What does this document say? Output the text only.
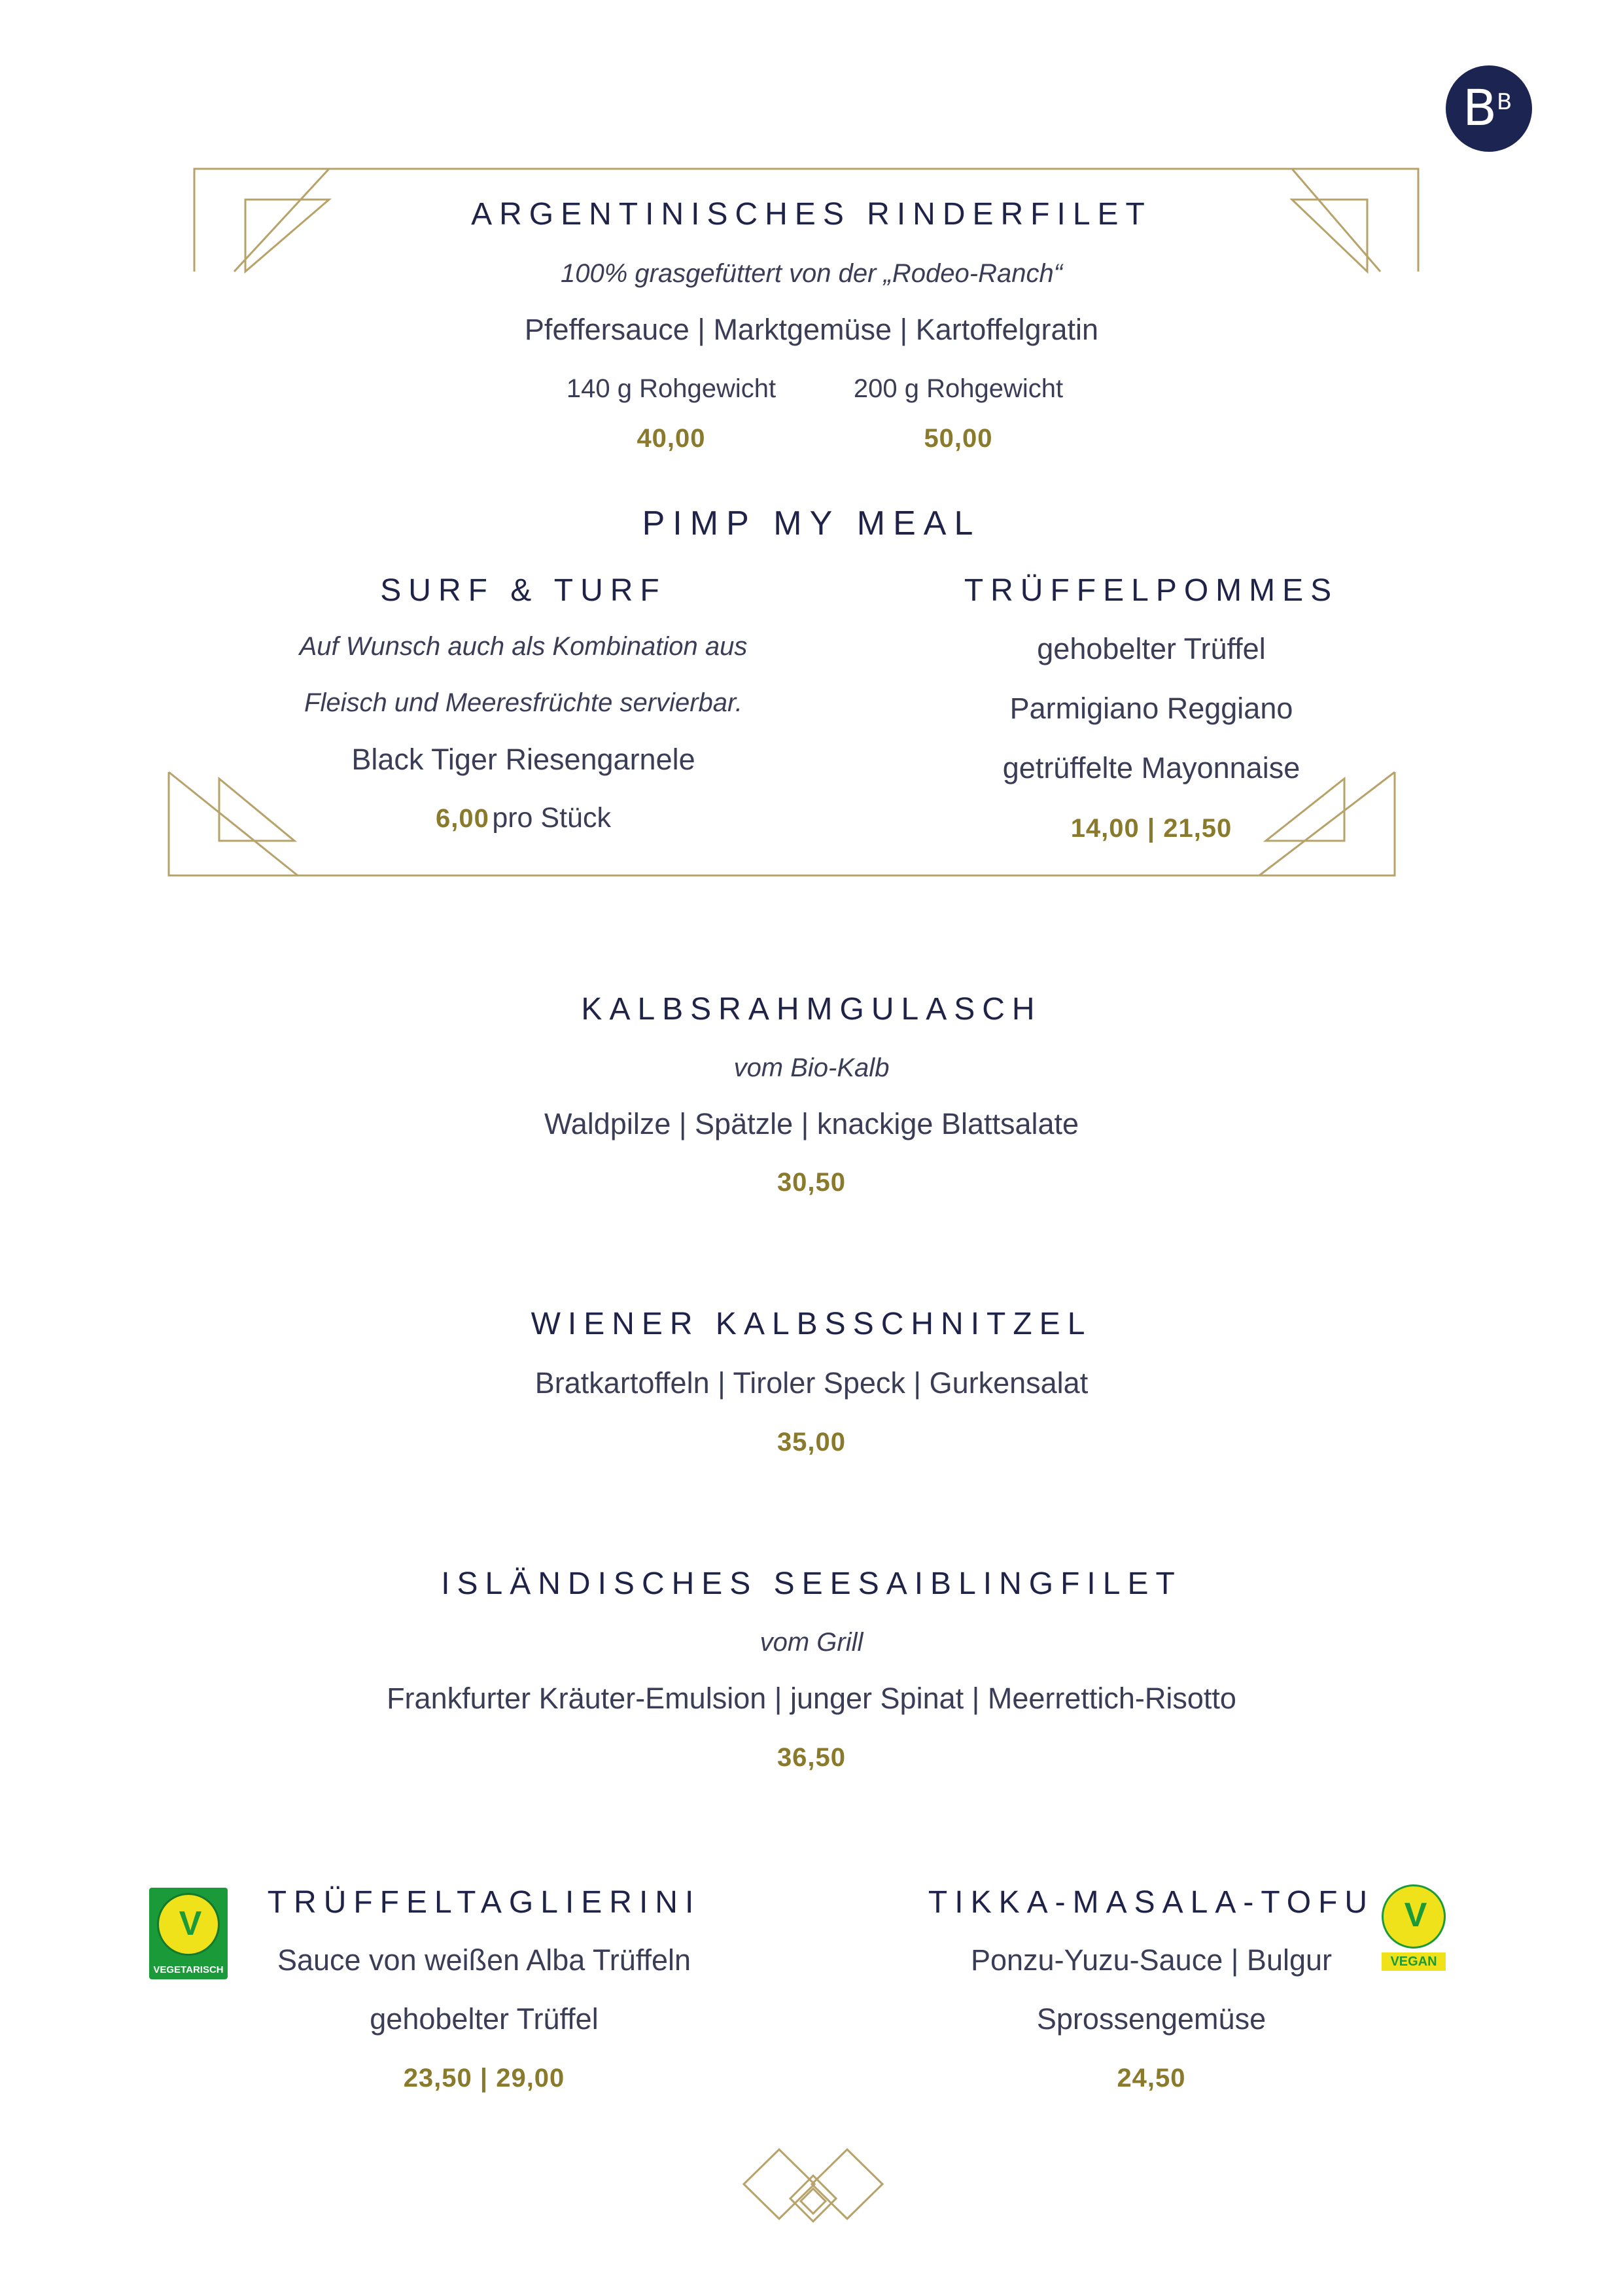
B B
ARGENTINISCHES RINDERFILET
100% grasgefüttert von der „Rodeo-Ranch“
Pfeffersauce | Marktgemüse | Kartoffelgratin
140 g Rohgewicht	200 g Rohgewicht
40,00	50,00
PIMP MY MEAL
SURF & TURF
Auf Wunsch auch als Kombination aus
Fleisch und Meeresfrüchte servierbar.
Black Tiger Riesengarnele
6,00 pro Stück
TRÜFFELPOMMES
gehobelter Trüffel
Parmigiano Reggiano
getrüffelte Mayonnaise
14,00 | 21,50
KALBSRAHMGULASCH
vom Bio-Kalb
Waldpilze | Spätzle | knackige Blattsalate
30,50
WIENER KALBSSCHNITZEL
Bratkartoffeln | Tiroler Speck | Gurkensalat
35,00
ISLÄNDISCHES SEESAIBLINGFILET
vom Grill
Frankfurter Kräuter-Emulsion | junger Spinat | Meerrettich-Risotto
36,50
V
VEGETARISCH
TRÜFFELTAGLIERINI
Sauce von weißen Alba Trüffeln
gehobelter Trüffel
23,50 | 29,00
TIKKA-MASALA-TOFU
Ponzu-Yuzu-Sauce | Bulgur
Sprossengemüse
24,50
V
VEGAN
